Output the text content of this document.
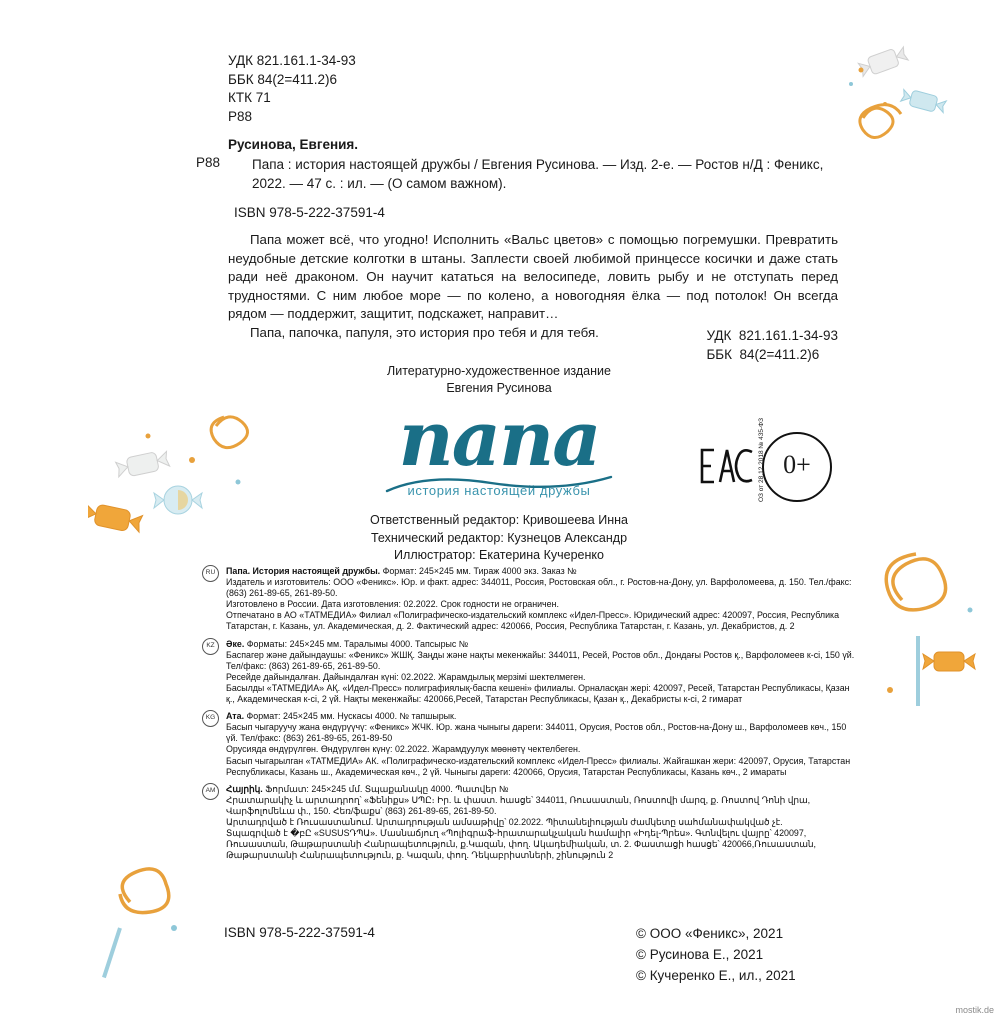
УДК 821.161.1-34-93
ББК 84(2=411.2)6
КТК 71
Р88
Русинова, Евгения.
Р88 Папа : история настоящей дружбы / Евгения Русинова. — Изд. 2-е. — Ростов н/Д : Феникс, 2022. — 47 с. : ил. — (О самом важном).
ISBN 978-5-222-37591-4

Папа может всё, что угодно! Исполнить «Вальс цветов» с помощью погремушки. Превратить неудобные детские колготки в штаны. Заплести своей любимой принцессе косички и даже стать ради неё драконом. Он научит кататься на велосипеде, ловить рыбу и не отступать перед трудностями. С ним любое море — по колено, а новогодняя ёлка — под потолок! Он всегда рядом — поддержит, защитит, подскажет, направит…

Папа, папочка, папуля, это история про тебя и для тебя.	УДК  821.161.1-34-93
ББК  84(2=411.2)6
Литературно-художественное издание
Евгения Русинова
папа
история настоящей дружбы
0+
ОЗ от 28.12.2018 № 435-ФЗ
Ответственный редактор: Кривошеева Инна
Технический редактор: Кузнецов Александр
Иллюстратор: Екатерина Кучеренко
RU	Папа. История настоящей дружбы. Формат: 245×245 мм. Тираж 4000 экз. Заказ №

Издатель и изготовитель: ООО «Феникс». Юр. и факт. адрес: 344011, Россия, Ростовская обл., г. Ростов-на-Дону, ул. Варфоломеева, д. 150. Тел./факс: (863) 261-89-65, 261-89-50.

Изготовлено в России. Дата изготовления: 02.2022. Срок годности не ограничен.

Отпечатано в АО «ТАТМЕДИА» Филиал «Полиграфическо-издательский комплекс «Идел-Пресс». Юридический адрес: 420097, Россия, Республика Татарстан, г. Казань, ул. Академическая, д. 2. Фактический адрес: 420066, Россия, Республика Татарстан, г. Казань, ул. Декабристов, д. 2

KZ	Әке. Форматы: 245×245 мм. Таралымы 4000. Тапсырыс №

Баспагер және дайындаушы: «Феникс» ЖШҚ. Заңды және нақты мекенжайы: 344011, Ресей, Ростов обл., Дондағы Ростов қ., Варфоломеев к-сі, 150 үй. Тел/факс: (863) 261-89-65, 261-89-50.

Ресейде дайындалған. Дайындалған күні: 02.2022. Жарамдылық мерзімі шектелмеген.

Басылды «ТАТМЕДИА» АҚ. «Идел-Пресс» полиграфиялық-баспа кешені» филиалы. Орналасқан жері: 420097, Ресей, Татарстан Республикасы, Қазан қ., Академическая к-сі, 2 үй. Нақты мекенжайы: 420066,Ресей, Татарстан Республикасы, Қазан қ., Декабристы к-сі, 2 гимарат

KG	Ата. Формат: 245×245 мм. Нускасы 4000. № тапшырык.

Басып чыгаруучу жана өндүрүүчү: «Феникс» ЖЧК. Юр. жана чыныгы дареги: 344011, Орусия, Ростов обл., Ростов-на-Дону ш., Варфоломеев көч., 150 үй. Тел/факс: (863) 261-89-65, 261-89-50

Орусияда өндүрүлгөн. Өндүрүлгөн күнү: 02.2022. Жарамдуулук мөөнөтү чектелбеген.

Басып чыгарылган «ТАТМЕДИА» АК. «Полиграфическо-издательский комплекс «Идел-Пресс» филиалы. Жайгашкан жери: 420097, Орусия, Татарстан Республикасы, Казань ш., Академическая көч., 2 үй. Чыныгы дареги: 420066, Орусия, Татарстан Республикасы, Казань көч., 2 имараты

AM	Հայրիկ. Ֆորմատ: 245×245 մմ. Տպաքանակը 4000. Պատվեր №

Հրատարակիչ և արտադրող՝ «Ֆենիքս» ՍՊԸ։ Իր. և փաստ. հասցե՝ 344011, Ռուսաստան, Ռոստովի մարզ, ք. Ռոստով Դոնի վրա, Վարֆոլոմեևա փ., 150. Հեռ/ֆաքս՝ (863) 261-89-65, 261-89-50.

Արտադրված է Ռուսաստանում. Արտադրության ամսաթիվը՝ 02.2022. Պիտանելիության ժամկետը սահմանափակված չէ.

Տպագրված է �բԸ «SUSUSԴՊԱ». Մասնաճյուղ «Պոլիգրաֆ-հրատարակչական համալիր «Իդել-Պրես». Գտնվելու վայրը՝ 420097, Ռուսաստան, Թաթարստանի Հանրապետություն, ք.Կազան, փող. Ակադեմիական, տ. 2. Փաստացի հասցե՝ 420066,Ռուսաստան, Թաթարստանի Հանրապետություն, ք. Կազան, փող. Դեկաբրիստների, շինություն 2

ISBN 978-5-222-37591-4	© ООО «Феникс», 2021
© Русинова Е., 2021
© Кучеренко Е., ил., 2021
mostik.de
